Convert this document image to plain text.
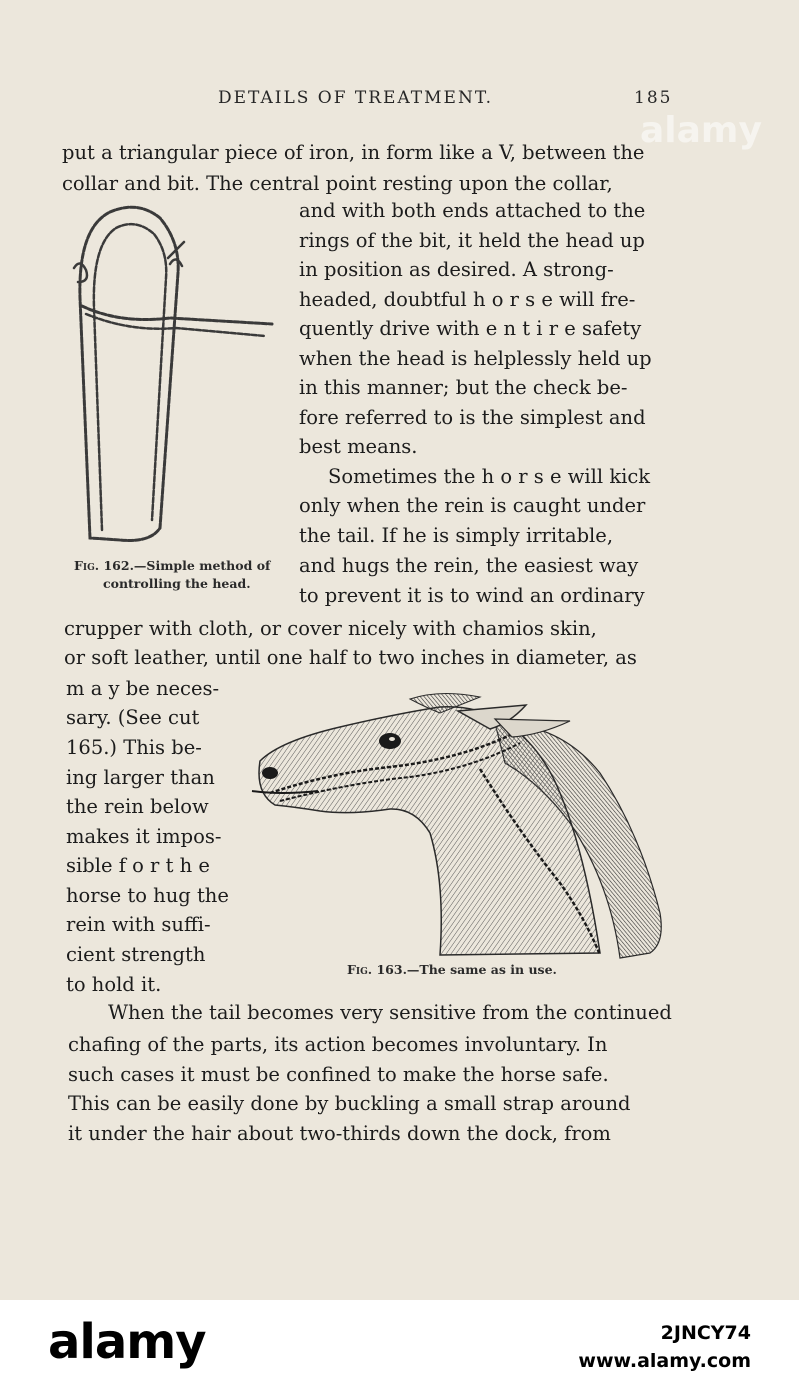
DETAILS OF TREATMENT.	185
put a triangular piece of iron, in form like a V, between the
collar and bit. The central point resting upon the collar,
and with both ends attached to the
rings of the bit, it held the head up
in position as desired. A strong-
headed, doubtful h o r s e will fre-
quently drive with e n t i r e safety
when the head is helplessly held up
in this manner; but the check be-
fore referred to is the simplest and
best means.
Sometimes the h o r s e will kick
only when the rein is caught under
the tail. If he is simply irritable,
and hugs the rein, the easiest way
to prevent it is to wind an ordinary
crupper with cloth, or cover nicely with chamios skin,
or soft leather, until one half to two inches in diameter, as
m a y be neces-
sary. (See cut
165.) This be-
ing larger than
the rein below
makes it impos-
sible f o r t h e
horse to hug the
rein with suffi-
cient strength
to hold it.
When the tail becomes very sensitive from the continued
chafing of the parts, its action becomes involuntary. In
such cases it must be confined to make the horse safe.
This can be easily done by buckling a small strap around
it under the hair about two-thirds down the dock, from
Fig. 162.—Simple method of
controlling the head.
Fig. 163.—The same as in use.
alamy
alamy	2JNCY74
www.alamy.com
